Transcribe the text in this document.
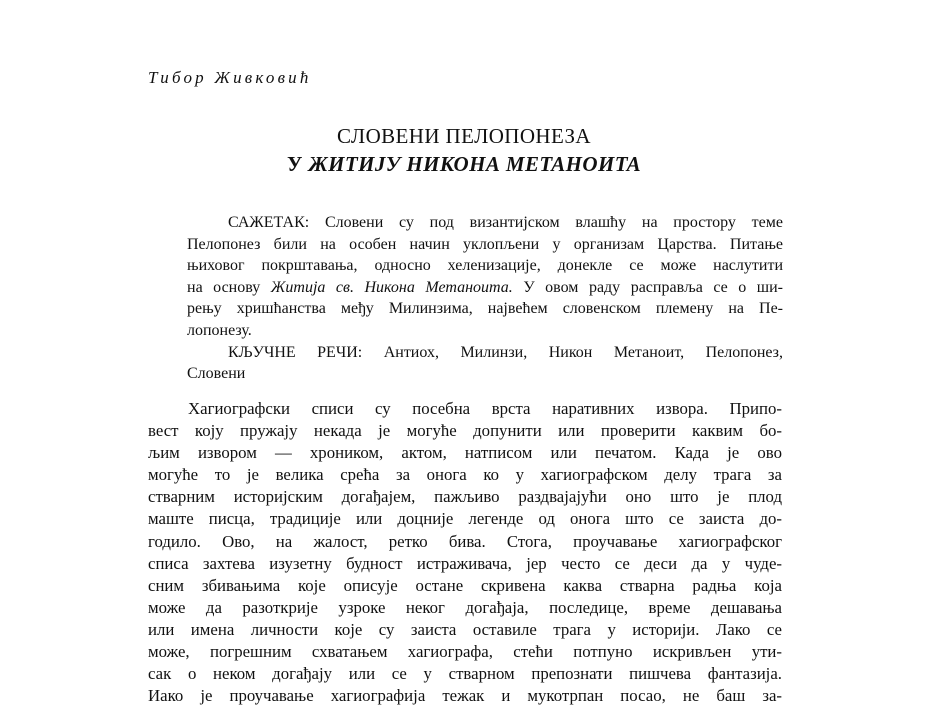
Тибор Живковић
СЛОВЕНИ ПЕЛОПОНЕЗА
У ЖИТИЈУ НИКОНА МЕТАНОИТА
САЖЕТАК: Словени су под византијском влашћу на простору теме
Пелопонез били на особен начин уклопљени у организам Царства. Питање
њиховог покрштавања, односно хеленизације, донекле се може наслутити
на основу Житија св. Никона Метаноита. У овом раду расправља се о ши-
рењу хришћанства међу Милинзима, највећем словенском племену на Пе-
лопонезу.
КЉУЧНЕ РЕЧИ: Антиох, Милинзи, Никон Метаноит, Пелопонез,
Словени
Хагиографски списи су посебна врста наративних извора. Припо-
вест коју пружају некада је могуће допунити или проверити каквим бо-
љим извором — хроником, актом, натписом или печатом. Када је ово
могуће то је велика срећа за онога ко у хагиографском делу трага за
стварним историјским догађајем, пажљиво раздвајајући оно што је плод
маште писца, традиције или доцније легенде од онога што се заиста до-
годило. Ово, на жалост, ретко бива. Стога, проучавање хагиографског
списа захтева изузетну будност истраживача, јер често се деси да у чуде-
сним збивањима које описује остане скривена каква стварна радња која
може да разоткрије узроке неког догађаја, последице, време дешавања
или имена личности које су заиста оставиле трага у историји. Лако се
може, погрешним схватањем хагиографа, стећи потпуно искривљен ути-
сак о неком догађају или се у стварном препознати пишчева фантазија.
Иако је проучавање хагиографија тежак и мукотрпан посао, не баш за-
